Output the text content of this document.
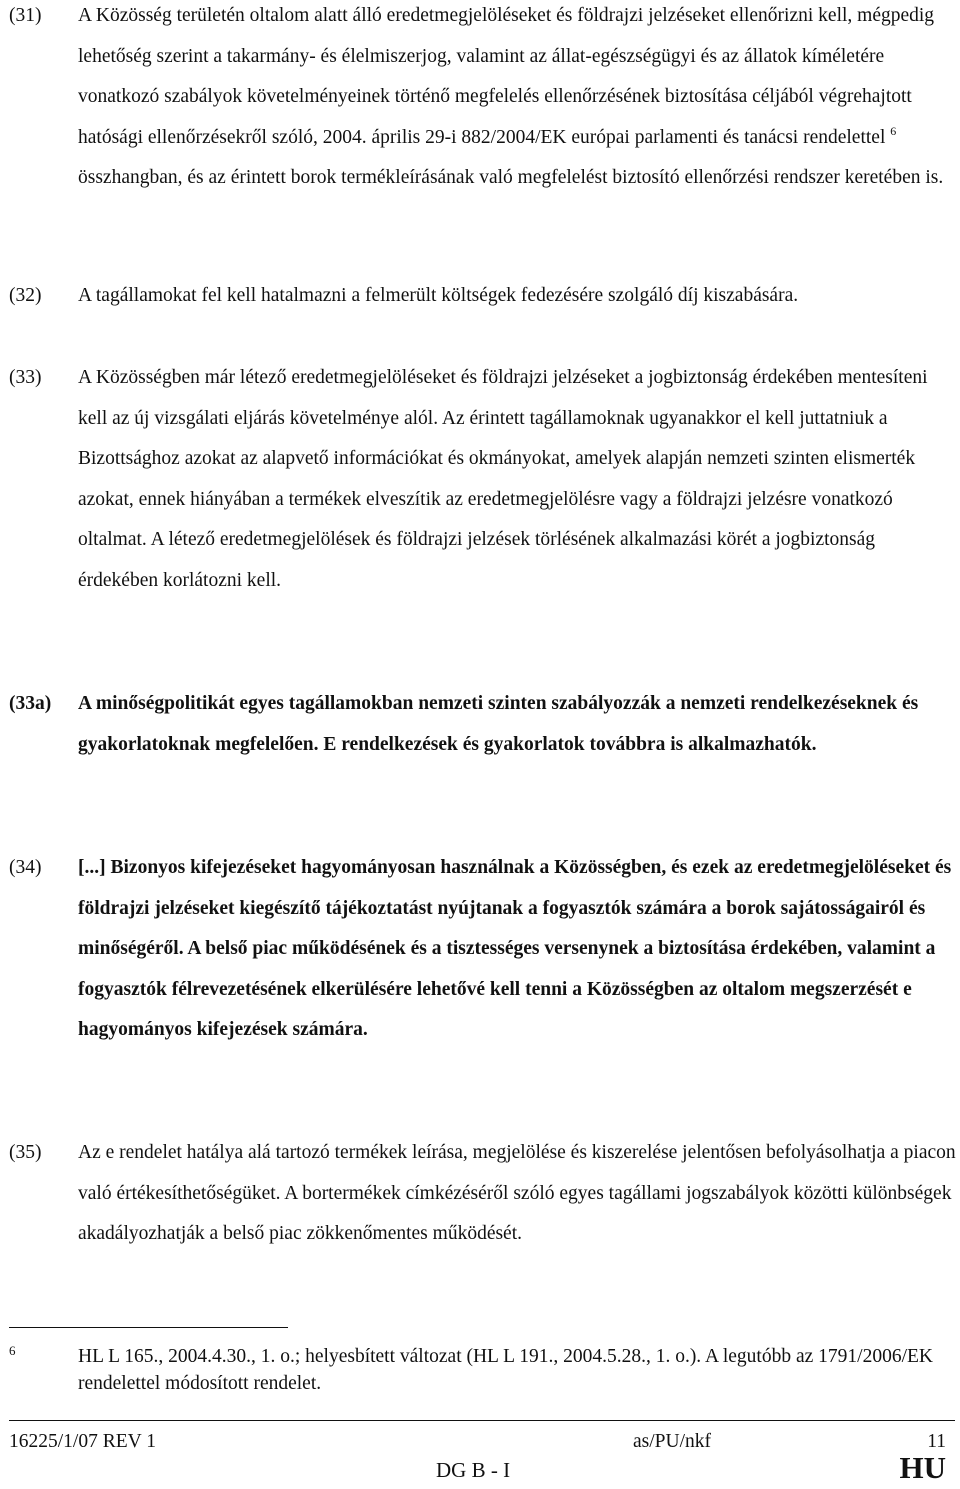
(31) A Közösség területén oltalom alatt álló eredetmegjelöléseket és földrajzi jelzéseket ellenőrizni kell, mégpedig lehetőség szerint a takarmány- és élelmiszerjog, valamint az állat-egészségügyi és az állatok kíméletére vonatkozó szabályok követelményeinek történő megfelelés ellenőrzésének biztosítása céljából végrehajtott hatósági ellenőrzésekről szóló, 2004. április 29-i 882/2004/EK európai parlamenti és tanácsi rendelettel $^6$ összhangban, és az érintett borok termékleírásának való megfelelést biztosító ellenőrzési rendszer keretében is.
(32) A tagállamokat fel kell hatalmazni a felmerült költségek fedezésére szolgáló díj kiszabására.
(33) A Közösségben már létező eredetmegjelöléseket és földrajzi jelzéseket a jogbiztonság érdekében mentesíteni kell az új vizsgálati eljárás követelménye alól. Az érintett tagállamoknak ugyanakkor el kell juttatniuk a Bizottsághoz azokat az alapvető információkat és okmányokat, amelyek alapján nemzeti szinten elismerték azokat, ennek hiányában a termékek elveszítik az eredetmegjelölésre vagy a földrajzi jelzésre vonatkozó oltalmat. A létező eredetmegjelölések és földrajzi jelzések törlésének alkalmazási körét a jogbiztonság érdekében korlátozni kell.
(33a) A minőségpolitikát egyes tagállamokban nemzeti szinten szabályozzák a nemzeti rendelkezéseknek és gyakorlatoknak megfelelően. E rendelkezések és gyakorlatok továbbra is alkalmazhatók.
(34) [...] Bizonyos kifejezéseket hagyományosan használnak a Közösségben, és ezek az eredetmegjelöléseket és földrajzi jelzéseket kiegészítő tájékoztatást nyújtanak a fogyasztók számára a borok sajátosságairól és minőségéről. A belső piac működésének és a tisztességes versenynek a biztosítása érdekében, valamint a fogyasztók félrevezetésének elkerülésére lehetővé kell tenni a Közösségben az oltalom megszerzését e hagyományos kifejezések számára.
(35) Az e rendelet hatálya alá tartozó termékek leírása, megjelölése és kiszerelése jelentősen befolyásolhatja a piacon való értékesíthetőségüket. A bortermékek címkézéséről szóló egyes tagállami jogszabályok közötti különbségek akadályozhatják a belső piac zökkenőmentes működését.
6	HL L 165., 2004.4.30., 1. o.; helyesbített változat (HL L 191., 2004.5.28., 1. o.). A legutóbb az 1791/2006/EK rendelettel módosított rendelet.
16225/1/07 REV 1	as/PU/nkf	11
DG B - I	HU
